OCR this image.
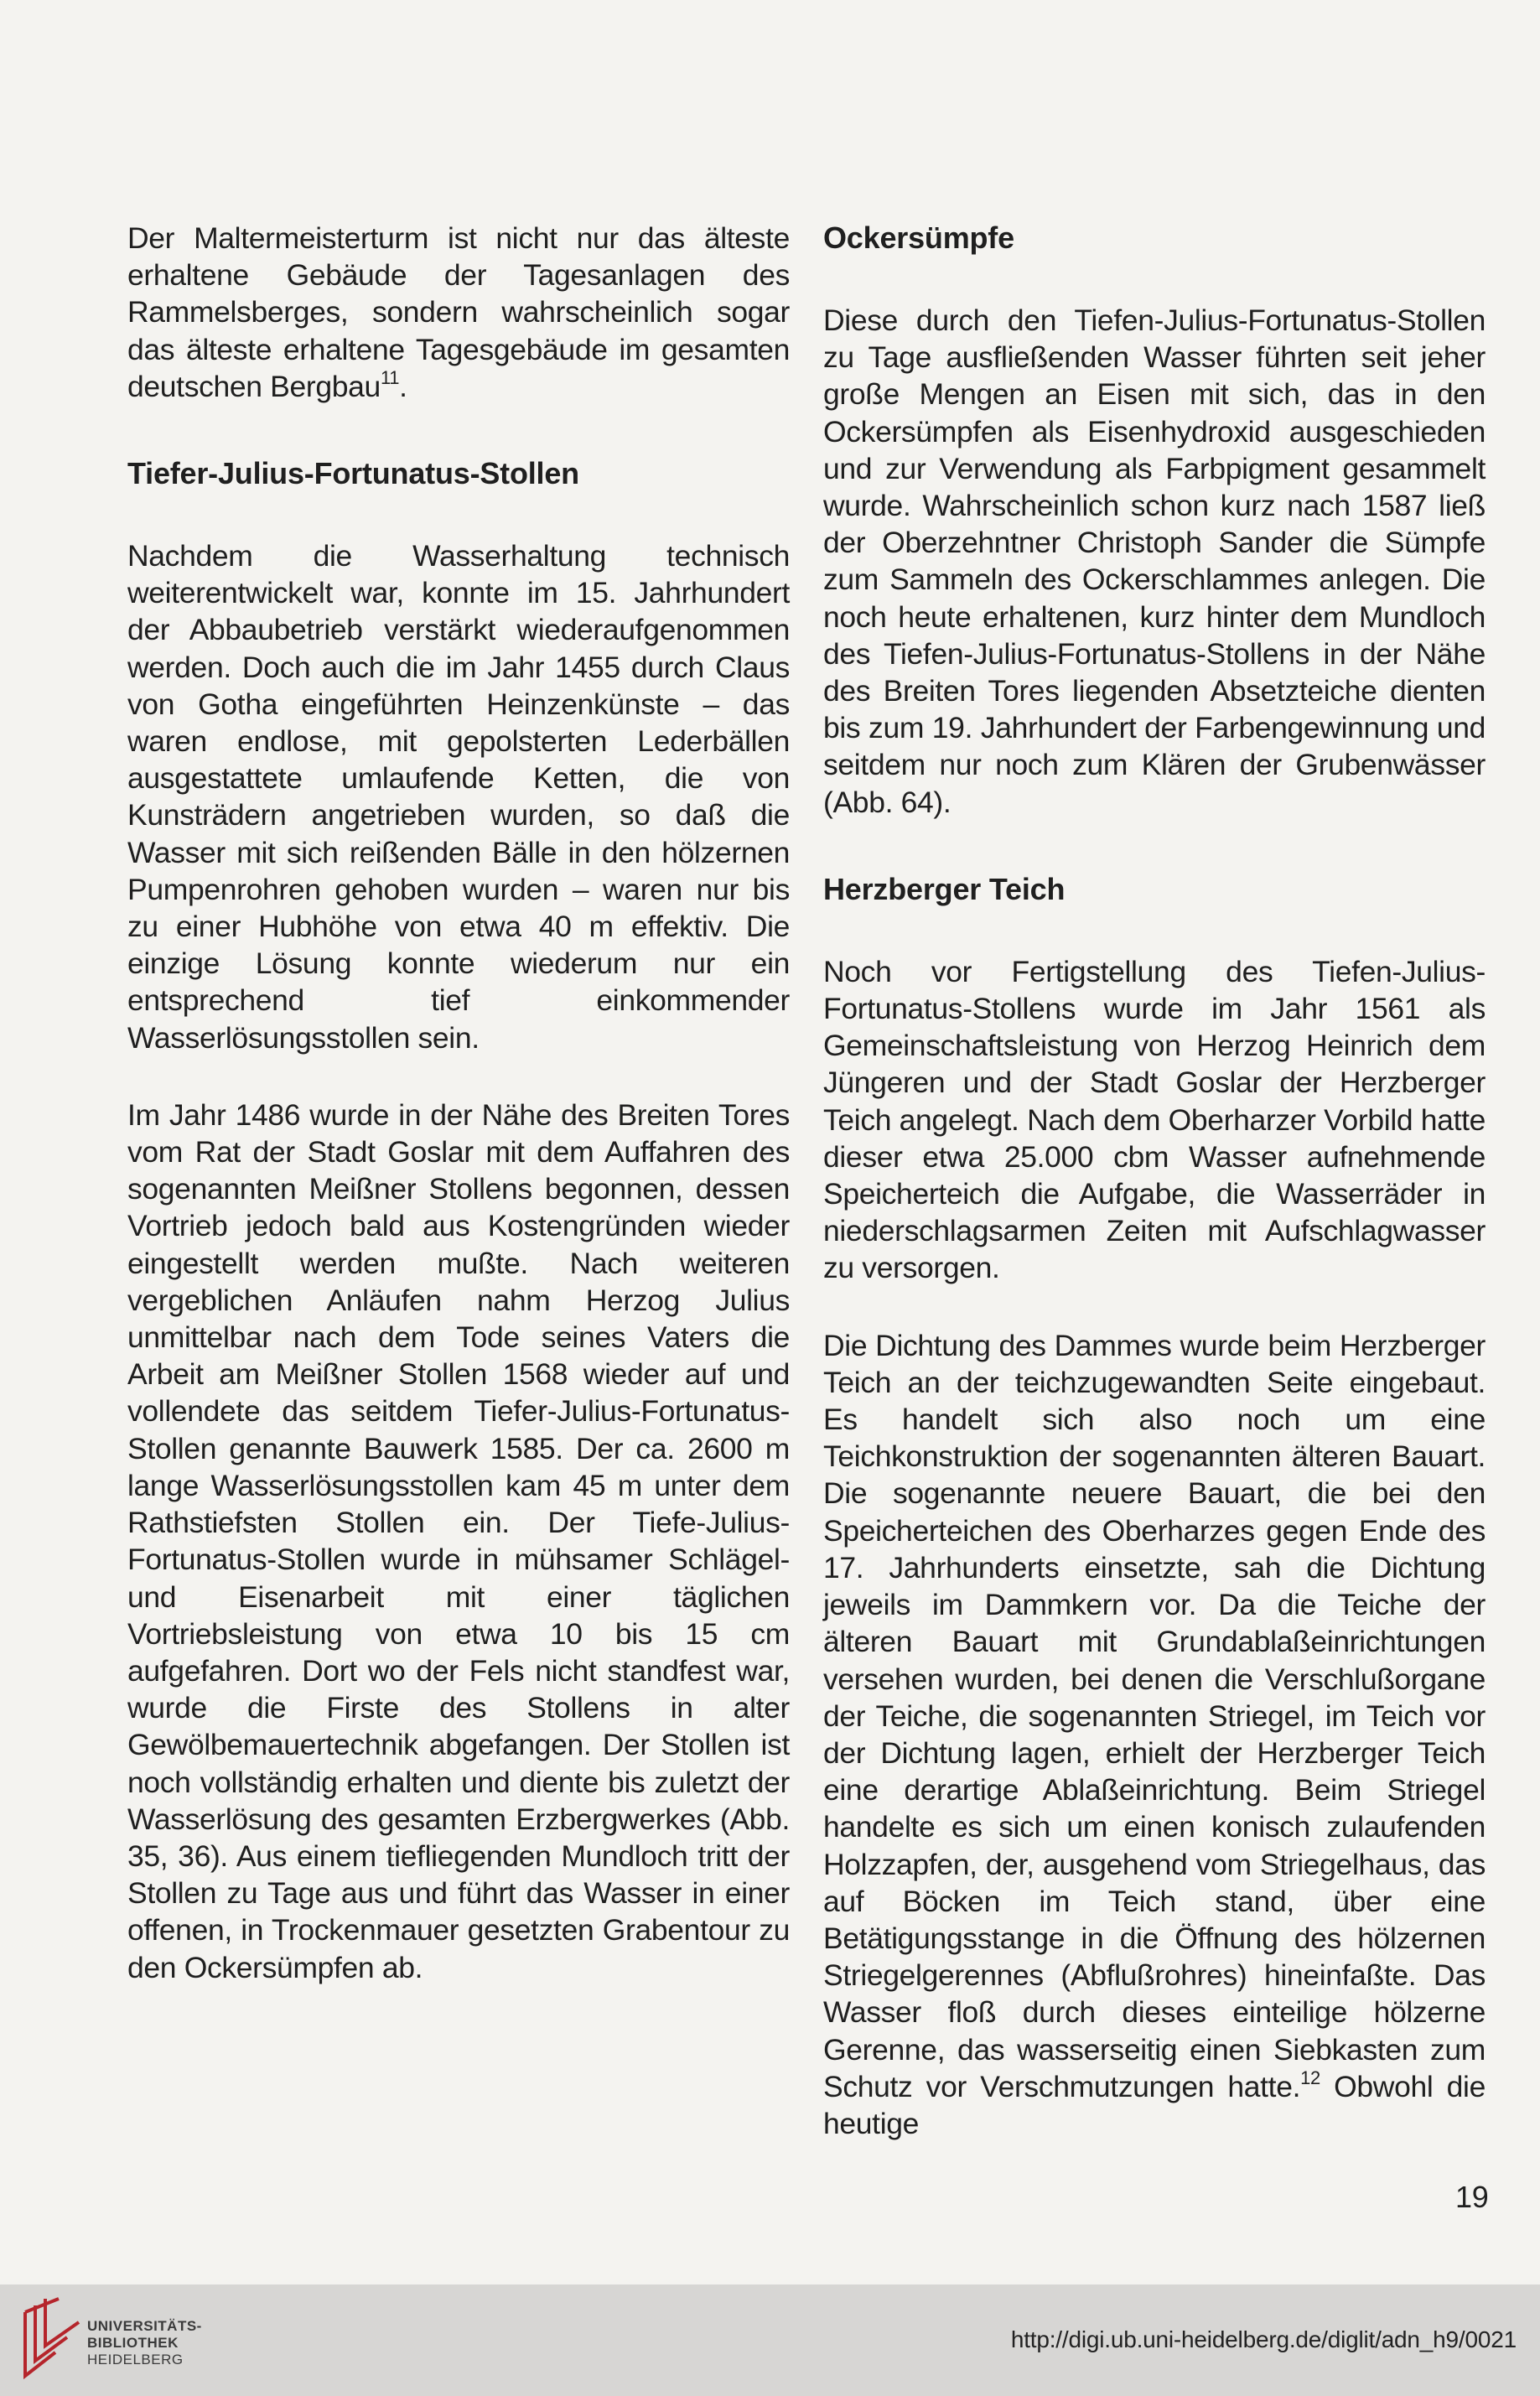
Der Maltermeisterturm ist nicht nur das älteste erhaltene Gebäude der Tagesanlagen des Rammelsberges, sondern wahrscheinlich sogar das älteste erhaltene Tagesgebäude im gesamten deutschen Bergbau$^{11}$.

Tiefer-Julius-Fortunatus-Stollen

Nachdem die Wasserhaltung technisch weiterentwickelt war, konnte im 15. Jahrhundert der Abbaubetrieb verstärkt wiederaufgenommen werden. Doch auch die im Jahr 1455 durch Claus von Gotha eingeführten Heinzenkünste – das waren endlose, mit gepolsterten Lederbällen ausgestattete umlaufende Ketten, die von Kunsträdern angetrieben wurden, so daß die Wasser mit sich reißenden Bälle in den hölzernen Pumpenrohren gehoben wurden – waren nur bis zu einer Hubhöhe von etwa 40 m effektiv. Die einzige Lösung konnte wiederum nur ein entsprechend tief einkommender Wasserlösungsstollen sein.

Im Jahr 1486 wurde in der Nähe des Breiten Tores vom Rat der Stadt Goslar mit dem Auffahren des sogenannten Meißner Stollens begonnen, dessen Vortrieb jedoch bald aus Kostengründen wieder eingestellt werden mußte. Nach weiteren vergeblichen Anläufen nahm Herzog Julius unmittelbar nach dem Tode seines Vaters die Arbeit am Meißner Stollen 1568 wieder auf und vollendete das seitdem Tiefer-Julius-Fortunatus-Stollen genannte Bauwerk 1585. Der ca. 2600 m lange Wasserlösungsstollen kam 45 m unter dem Rathstiefsten Stollen ein. Der Tiefe-Julius-Fortunatus-Stollen wurde in mühsamer Schlägel- und Eisenarbeit mit einer täglichen Vortriebsleistung von etwa 10 bis 15 cm aufgefahren. Dort wo der Fels nicht standfest war, wurde die Firste des Stollens in alter Gewölbemauertechnik abgefangen. Der Stollen ist noch vollständig erhalten und diente bis zuletzt der Wasserlösung des gesamten Erzbergwerkes (Abb. 35, 36). Aus einem tiefliegenden Mundloch tritt der Stollen zu Tage aus und führt das Wasser in einer offenen, in Trockenmauer gesetzten Grabentour zu den Ockersümpfen ab.

Ockersümpfe

Diese durch den Tiefen-Julius-Fortunatus-Stollen zu Tage ausfließenden Wasser führten seit jeher große Mengen an Eisen mit sich, das in den Ockersümpfen als Eisenhydroxid ausgeschieden und zur Verwendung als Farbpigment gesammelt wurde. Wahrscheinlich schon kurz nach 1587 ließ der Oberzehntner Christoph Sander die Sümpfe zum Sammeln des Ockerschlammes anlegen. Die noch heute erhaltenen, kurz hinter dem Mundloch des Tiefen-Julius-Fortunatus-Stollens in der Nähe des Breiten Tores liegenden Absetzteiche dienten bis zum 19. Jahrhundert der Farbengewinnung und seitdem nur noch zum Klären der Grubenwässer (Abb. 64).

Herzberger Teich

Noch vor Fertigstellung des Tiefen-Julius-Fortunatus-Stollens wurde im Jahr 1561 als Gemeinschaftsleistung von Herzog Heinrich dem Jüngeren und der Stadt Goslar der Herzberger Teich angelegt. Nach dem Oberharzer Vorbild hatte dieser etwa 25.000 cbm Wasser aufnehmende Speicherteich die Aufgabe, die Wasserräder in niederschlagsarmen Zeiten mit Aufschlagwasser zu versorgen.

Die Dichtung des Dammes wurde beim Herzberger Teich an der teichzugewandten Seite eingebaut. Es handelt sich also noch um eine Teichkonstruktion der sogenannten älteren Bauart. Die sogenannte neuere Bauart, die bei den Speicherteichen des Oberharzes gegen Ende des 17. Jahrhunderts einsetzte, sah die Dichtung jeweils im Dammkern vor. Da die Teiche der älteren Bauart mit Grundablaßeinrichtungen versehen wurden, bei denen die Verschlußorgane der Teiche, die sogenannten Striegel, im Teich vor der Dichtung lagen, erhielt der Herzberger Teich eine derartige Ablaßeinrichtung. Beim Striegel handelte es sich um einen konisch zulaufenden Holzzapfen, der, ausgehend vom Striegelhaus, das auf Böcken im Teich stand, über eine Betätigungsstange in die Öffnung des hölzernen Striegelgerennes (Abflußrohres) hineinfaßte. Das Wasser floß durch dieses einteilige hölzerne Gerenne, das wasserseitig einen Siebkasten zum Schutz vor Verschmutzungen hatte.$^{12}$ Obwohl die heutige

19
UNIVERSITÄTS-
BIBLIOTHEK
HEIDELBERG
http://digi.ub.uni-heidelberg.de/diglit/adn_h9/0021
